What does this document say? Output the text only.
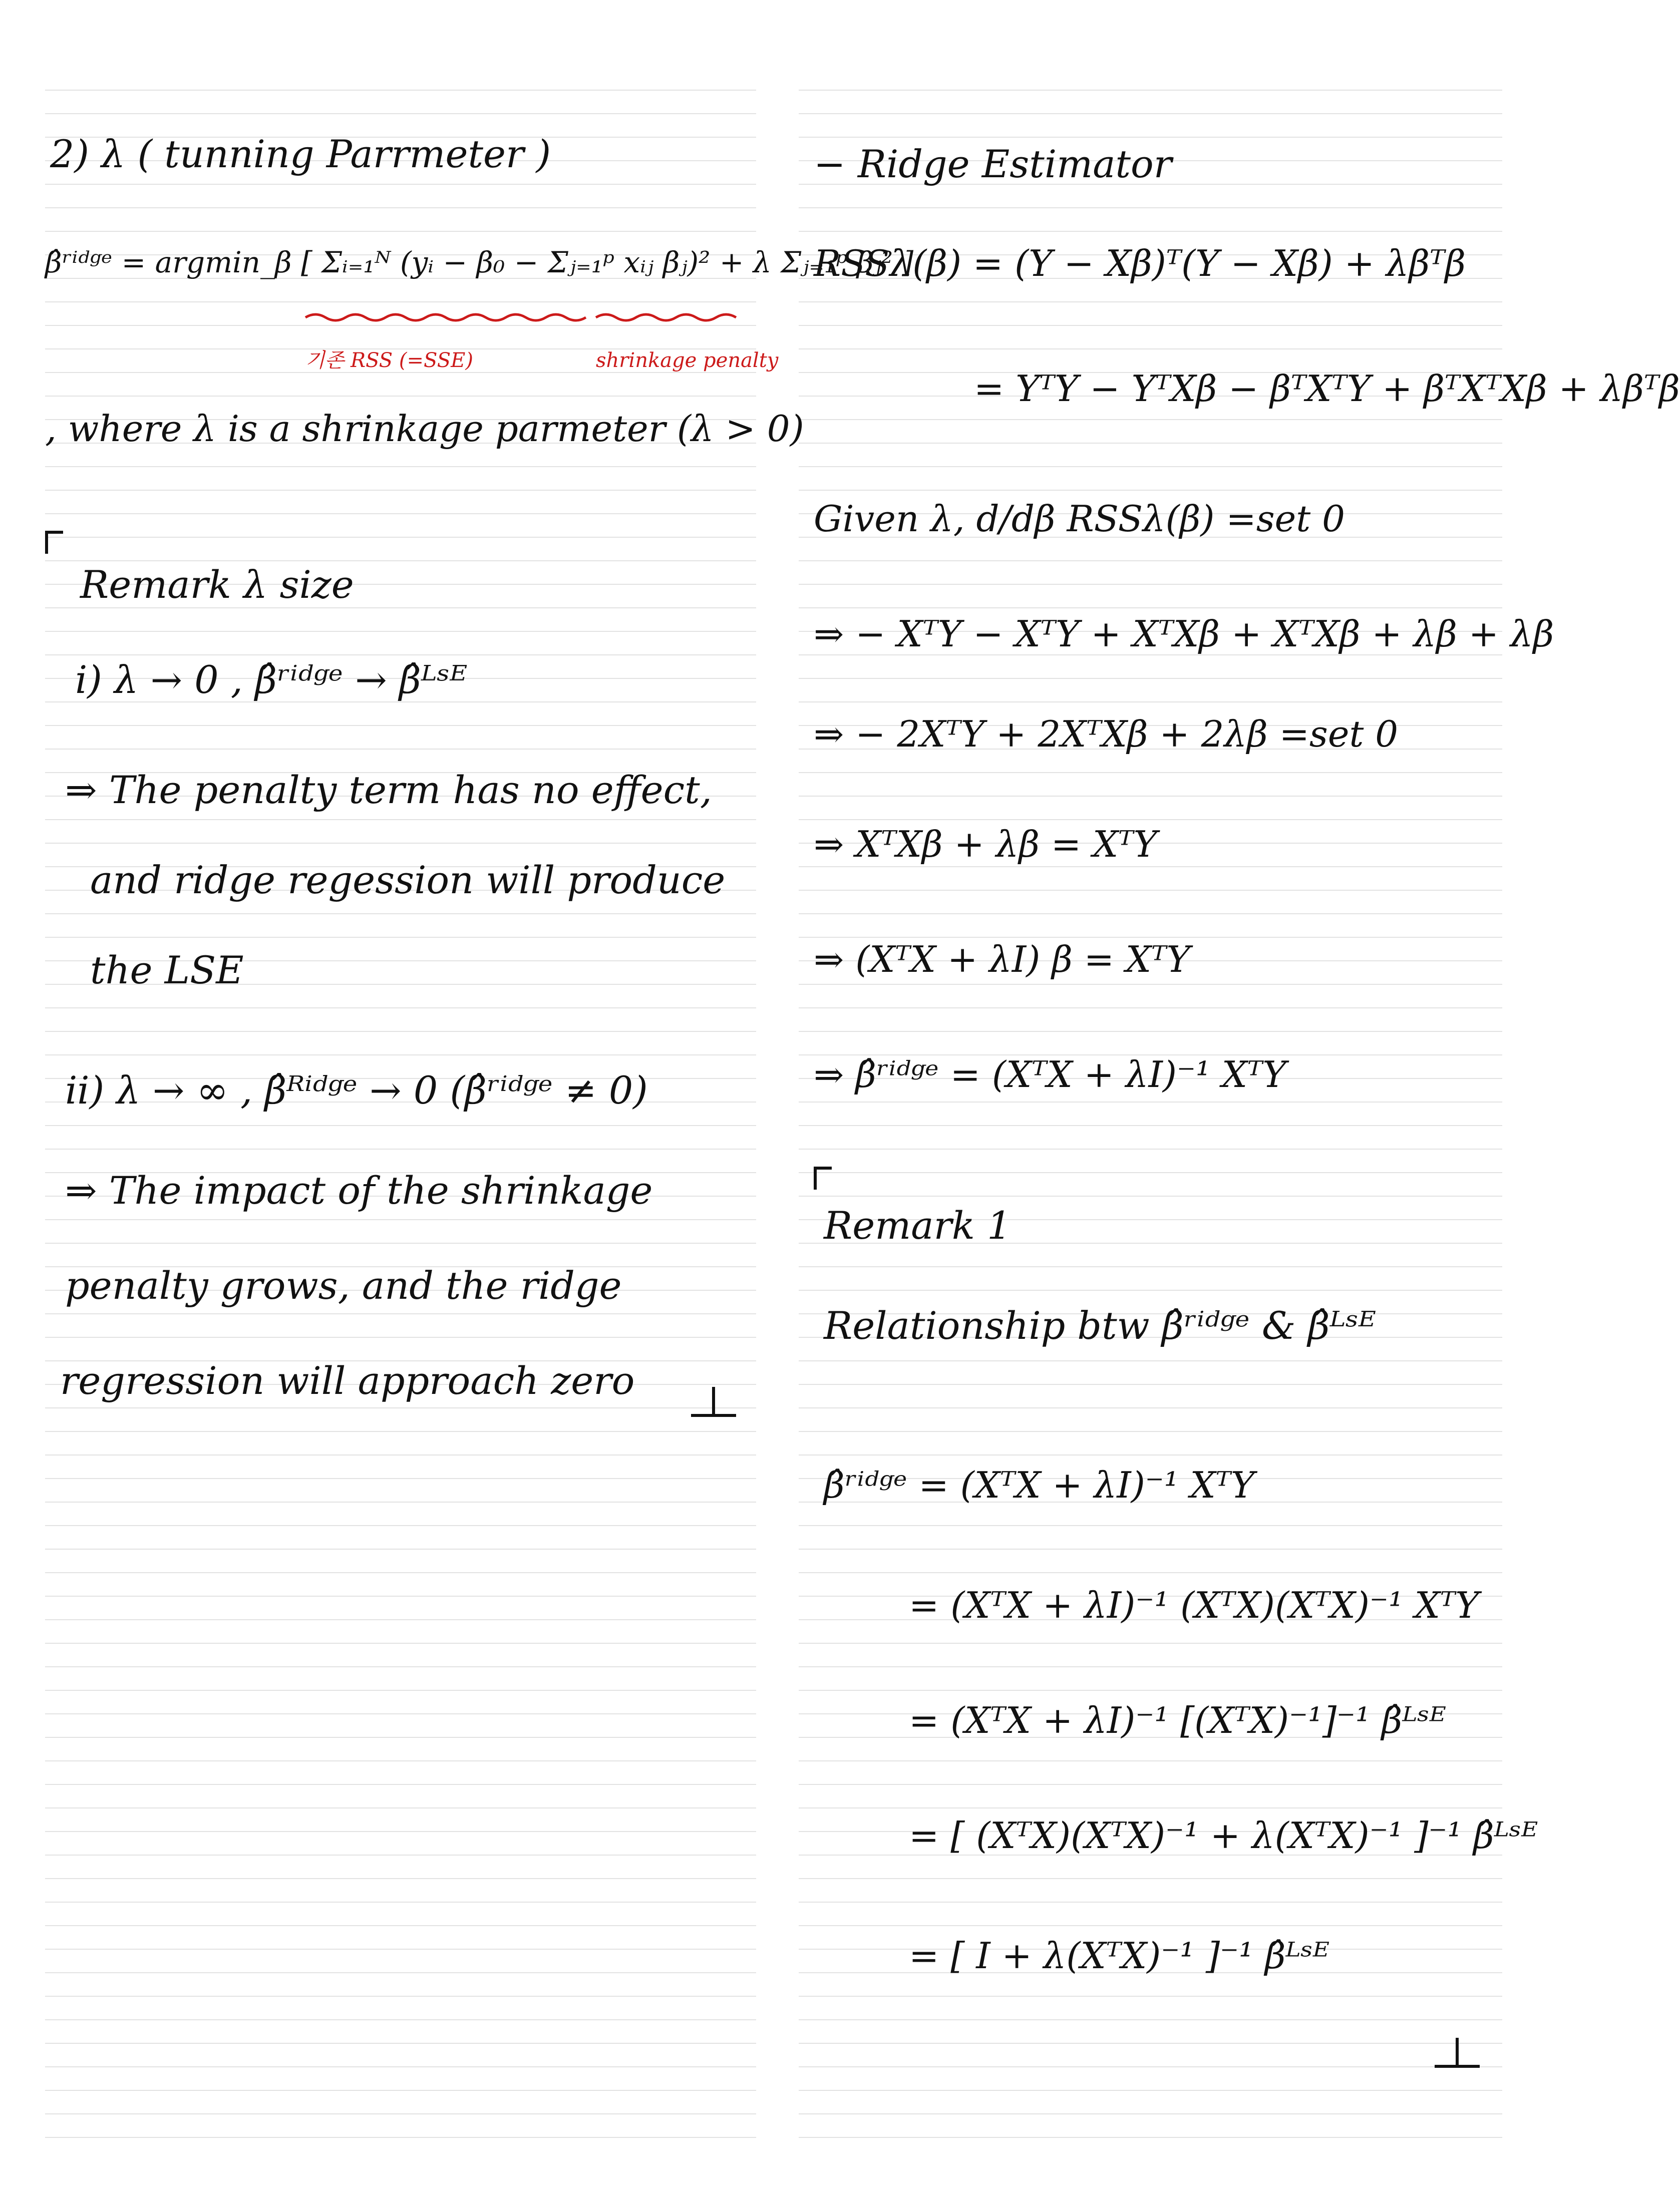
2) λ ( tunning Parrmeter )
β̂ʳⁱᵈᵍᵉ = argmin_β [ Σᵢ₌₁ᴺ (yᵢ − β₀ − Σⱼ₌₁ᵖ xᵢⱼ βⱼ)² + λ Σⱼ₌₁ᵖ βⱼ² ]
기존 RSS (=SSE)	shrinkage penalty
, where λ is a shrinkage parmeter (λ > 0)
Remark λ size
i) λ → 0 , β̂ʳⁱᵈᵍᵉ → β̂ᴸˢᴱ
⇒ The penalty term has no effect,
and ridge regession will produce
the LSE
ii) λ → ∞ , β̂ᴿⁱᵈᵍᵉ → 0 (β̂ʳⁱᵈᵍᵉ ≠ 0)
⇒ The impact of the shrinkage
penalty grows, and the ridge
regression will approach zero
− Ridge Estimator
RSSλ(β) = (Y − Xβ)ᵀ(Y − Xβ) + λβᵀβ
= YᵀY − YᵀXβ − βᵀXᵀY + βᵀXᵀXβ + λβᵀβ
Given λ, d/dβ RSSλ(β) =set 0
⇒ − XᵀY − XᵀY + XᵀXβ + XᵀXβ + λβ + λβ
⇒ − 2XᵀY + 2XᵀXβ + 2λβ =set 0
⇒ XᵀXβ + λβ = XᵀY
⇒ (XᵀX + λI) β = XᵀY
⇒ β̂ʳⁱᵈᵍᵉ = (XᵀX + λI)⁻¹ XᵀY
Remark 1
Relationship btw β̂ʳⁱᵈᵍᵉ & β̂ᴸˢᴱ
β̂ʳⁱᵈᵍᵉ = (XᵀX + λI)⁻¹ XᵀY
= (XᵀX + λI)⁻¹ (XᵀX)(XᵀX)⁻¹ XᵀY
= (XᵀX + λI)⁻¹ [(XᵀX)⁻¹]⁻¹ β̂ᴸˢᴱ
= [ (XᵀX)(XᵀX)⁻¹ + λ(XᵀX)⁻¹ ]⁻¹ β̂ᴸˢᴱ
= [ I + λ(XᵀX)⁻¹ ]⁻¹ β̂ᴸˢᴱ
